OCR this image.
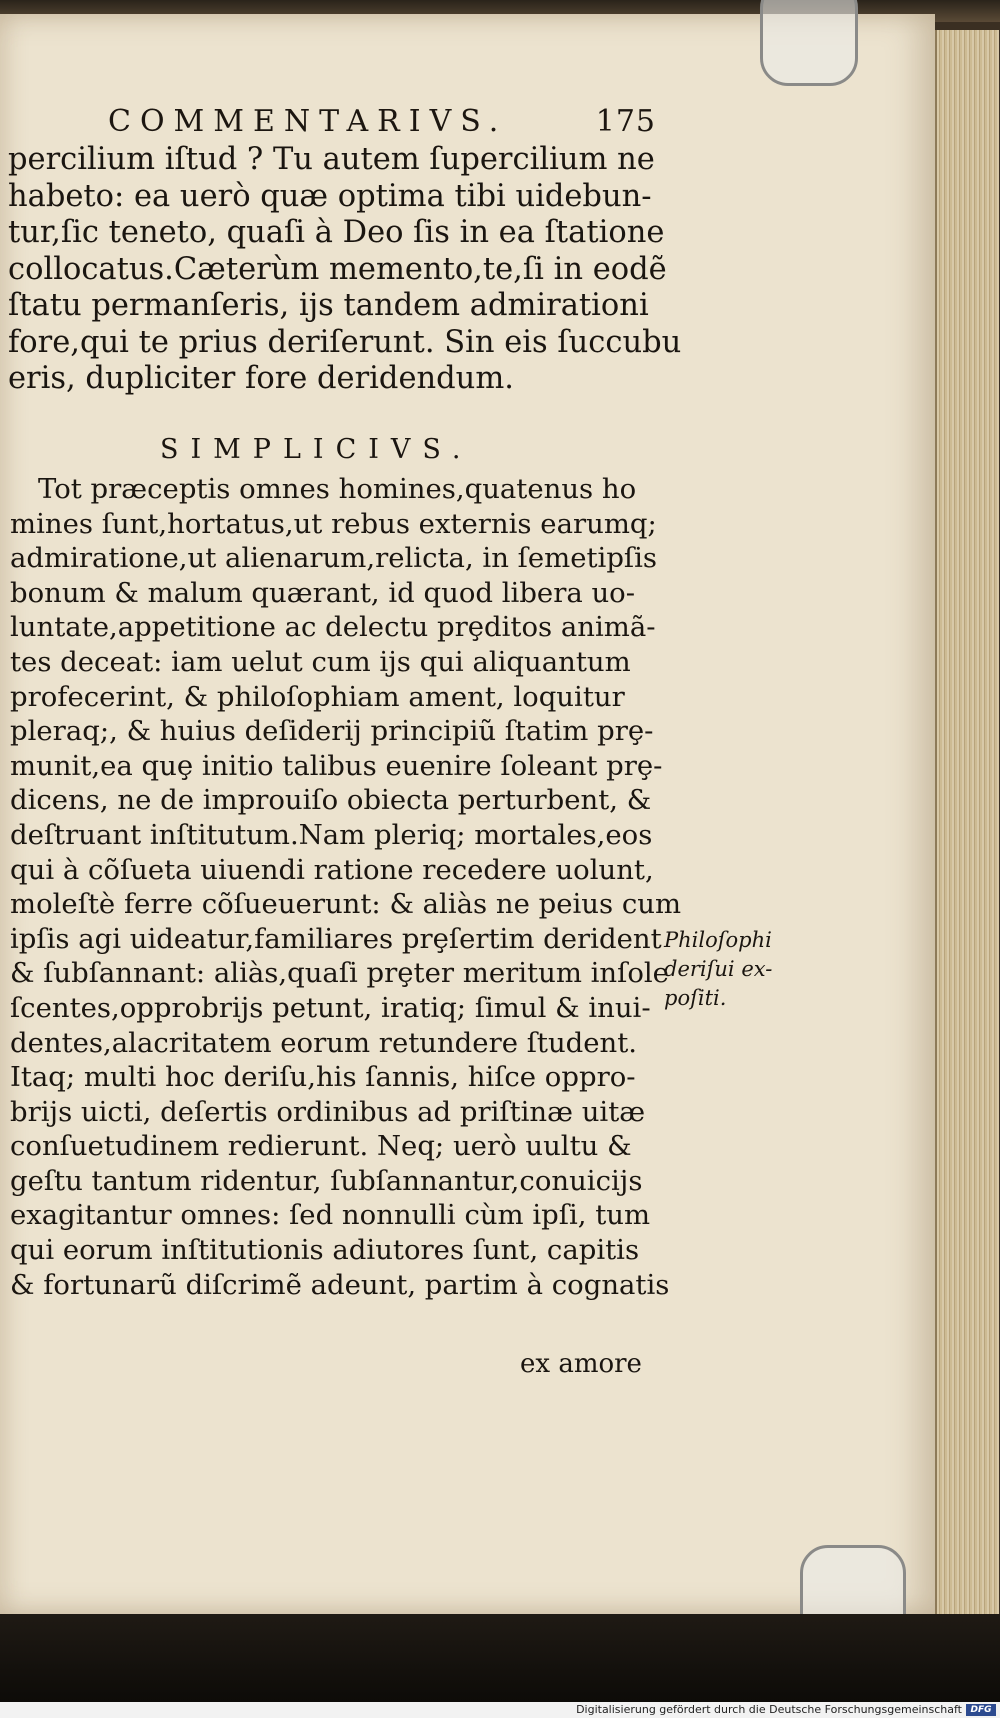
COMMENTARIVS.	175
percilium iſtud ? Tu autem ſupercilium ne
habeto: ea uerò quæ optima tibi uidebun-
tur,ſic teneto, quaſi à Deo ſis in ea ſtatione
collocatus.Cæterùm memento,te,ſi in eodẽ
ſtatu permanſeris, ijs tandem admirationi
fore,qui te prius deriſerunt. Sin eis ſuccubu
eris, dupliciter fore deridendum.
SIMPLICIVS.
Tot præceptis omnes homines,quatenus ho
mines ſunt,hortatus,ut rebus externis earumq;
admiratione,ut alienarum,relicta, in ſemetipſis
bonum & malum quærant, id quod libera uo-
luntate,appetitione ac delectu prȩditos animã-
tes deceat: iam uelut cum ijs qui aliquantum
profecerint, & philoſophiam ament, loquitur
pleraq;, & huius deſiderij principiũ ſtatim prȩ-
munit,ea quȩ initio talibus euenire ſoleant prȩ-
dicens, ne de improuiſo obiecta perturbent, &
deſtruant inſtitutum.Nam pleriq; mortales,eos
qui à cõſueta uiuendi ratione recedere uolunt,
moleſtè ferre cõſueuerunt: & aliàs ne peius cum
ipſis agi uideatur,familiares prȩſertim derident
& ſubſannant: aliàs,quaſi prȩter meritum inſole
ſcentes,opprobrijs petunt, iratiq; ſimul & inui-
dentes,alacritatem eorum retundere ſtudent.
Itaq; multi hoc deriſu,his ſannis, hiſce oppro-
brijs uicti, deſertis ordinibus ad priſtinæ uitæ
conſuetudinem redierunt. Neq; uerò uultu &
geſtu tantum ridentur, ſubſannantur,conuicijs
exagitantur omnes: ſed nonnulli cùm ipſi, tum
qui eorum inſtitutionis adiutores ſunt, capitis
& fortunarũ diſcrimẽ adeunt, partim à cognatis
ex amore
Philoſophi
deriſui ex-
poſiti.
Digitalisierung gefördert durch die Deutsche Forschungsgemeinschaft DFG
